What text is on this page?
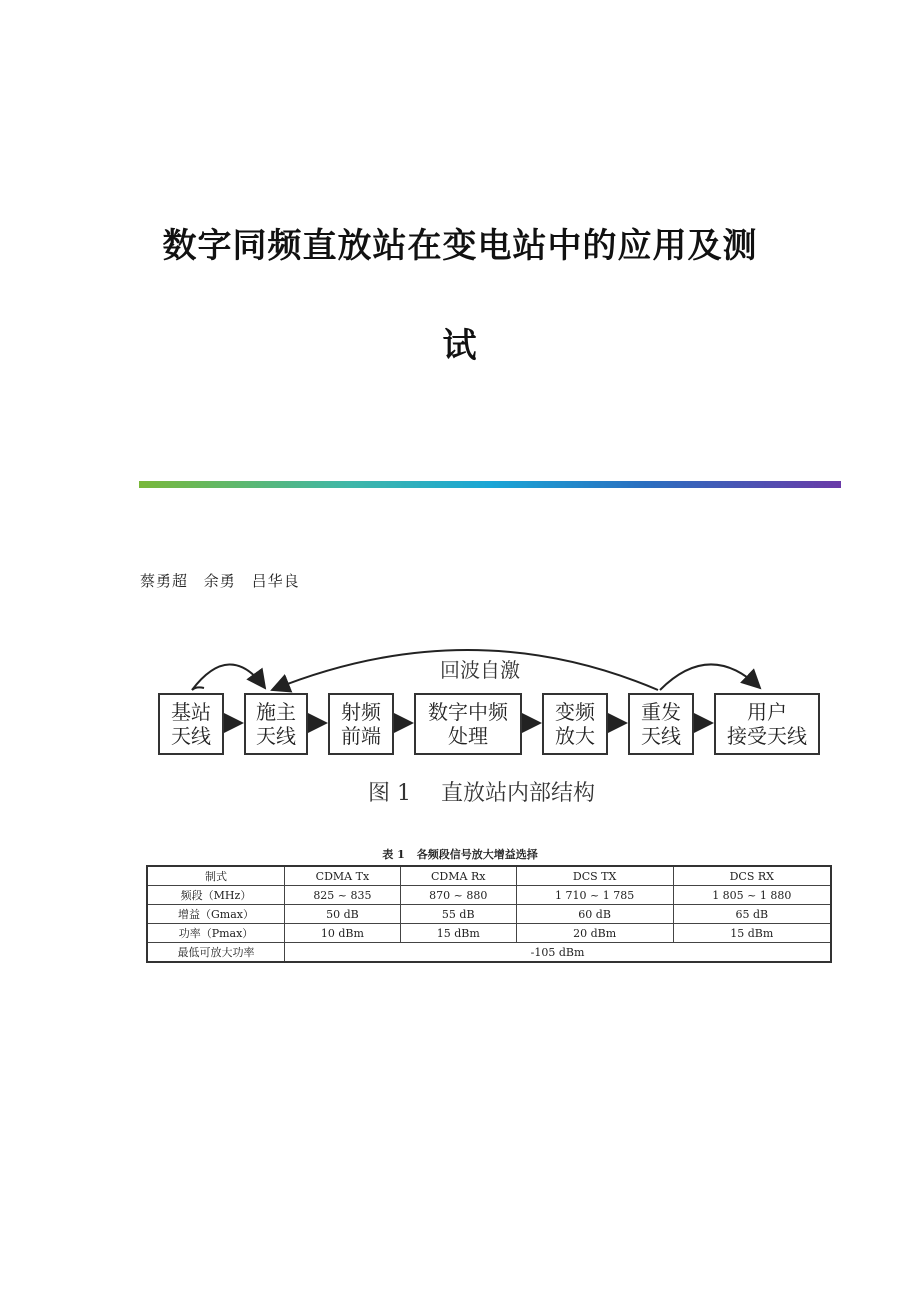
数字同频直放站在变电站中的应用及测
试
蔡勇超 余勇 吕华良
回波自激
基站
天线
施主
天线
射频
前端
数字中频
处理
变频
放大
重发
天线
用户
接受天线
图 1 直放站内部结构
表 1 各频段信号放大增益选择
制式	CDMA Tx	CDMA Rx	DCS TX	DCS RX
频段（MHz）	825 ~ 835	870 ~ 880	1 710 ~ 1 785	1 805 ~ 1 880
增益（Gmax）	50 dB	55 dB	60 dB	65 dB
功率（Pmax）	10 dBm	15 dBm	20 dBm	15 dBm
最低可放大功率	-105 dBm			
